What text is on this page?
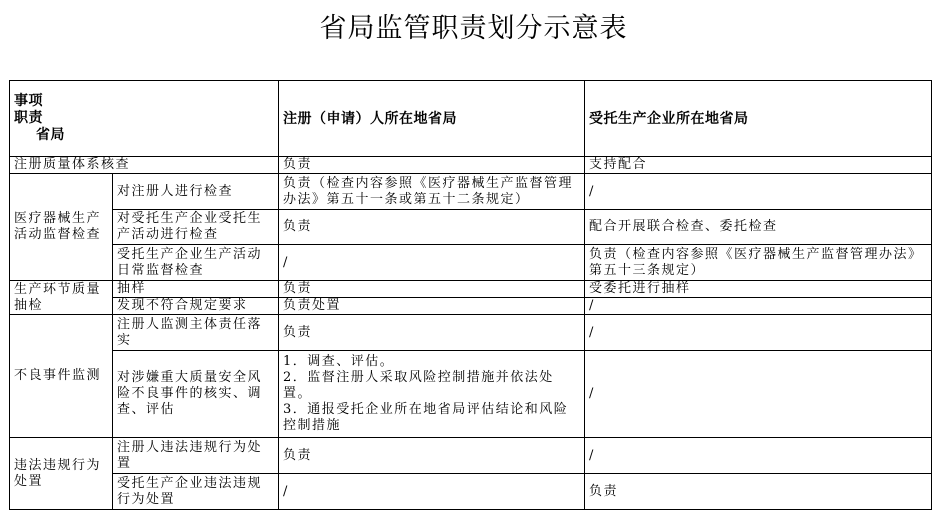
省局监管职责划分示意表
事项
职责
省局		注册（申请）人所在地省局	受托生产企业所在地省局
注册质量体系核查		负责	支持配合
医疗器械生产活动监督检查	对注册人进行检查	负责（检查内容参照《医疗器械生产监督管理办法》第五十一条或第五十二条规定）	/
	对受托生产企业受托生产活动进行检查	负责	配合开展联合检查、委托检查
	受托生产企业生产活动日常监督检查	/	负责（检查内容参照《医疗器械生产监督管理办法》第五十三条规定）
生产环节质量抽检	抽样	负责	受委托进行抽样
	发现不符合规定要求	负责处置	/
不良事件监测	注册人监测主体责任落实	负责	/
	对涉嫌重大质量安全风险不良事件的核实、调查、评估	1．调查、评估。
2．监督注册人采取风险控制措施并依法处置。
3．通报受托企业所在地省局评估结论和风险控制措施	/
违法违规行为处置	注册人违法违规行为处置	负责	/
	受托生产企业违法违规行为处置	/	负责
